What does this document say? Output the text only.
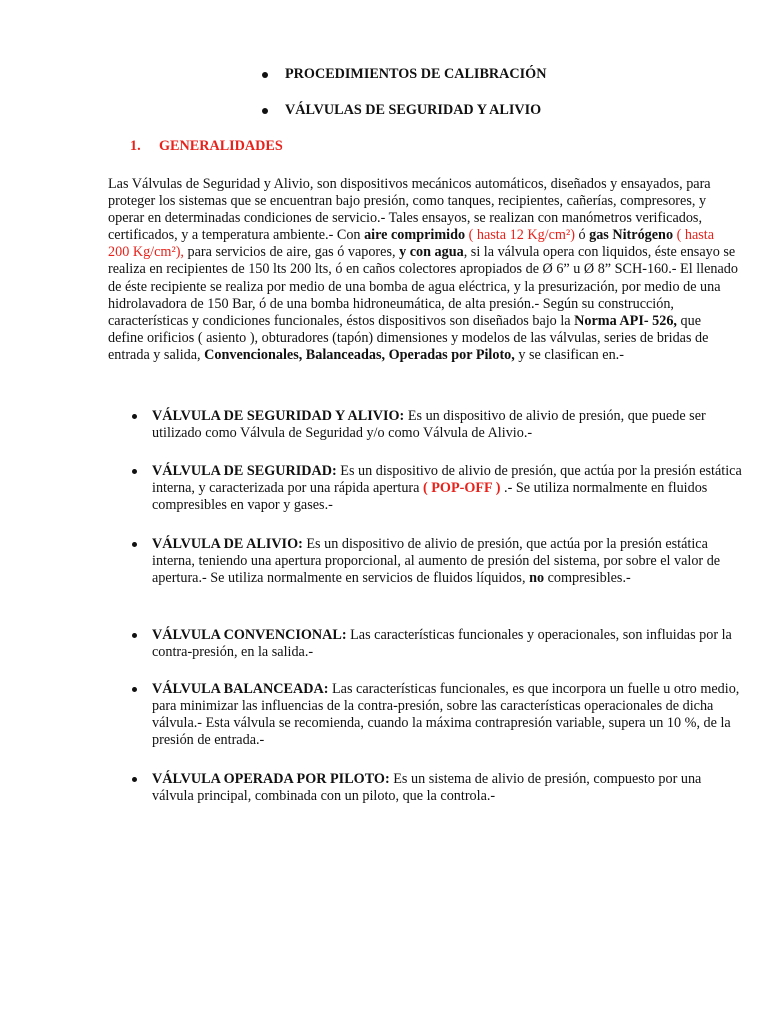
PROCEDIMIENTOS DE CALIBRACIÓN
VÁLVULAS DE SEGURIDAD Y ALIVIO
1. GENERALIDADES

Las Válvulas de Seguridad y Alivio, son dispositivos mecánicos automáticos, diseñados y ensayados, para proteger los sistemas que se encuentran bajo presión, como tanques, recipientes, cañerías, compresores, y operar en determinadas condiciones de servicio.- Tales ensayos, se realizan con manómetros verificados, certificados, y a temperatura ambiente.- Con aire comprimido ( hasta 12 Kg/cm²) ó gas Nitrógeno ( hasta 200 Kg/cm²), para servicios de aire, gas ó vapores, y con agua, si la válvula opera con liquidos, éste ensayo se realiza en recipientes de 150 lts 200 lts, ó en caños colectores apropiados de Ø 6” u Ø 8” SCH-160.- El llenado de éste recipiente se realiza por medio de una bomba de agua eléctrica, y la presurización, por medio de una hidrolavadora de 150 Bar, ó de una bomba hidroneumática, de alta presión.- Según su construcción, características y condiciones funcionales, éstos dispositivos son diseñados bajo la Norma API- 526, que define orificios ( asiento ), obturadores (tapón) dimensiones y modelos de las válvulas, series de bridas de entrada y salida, Convencionales, Balanceadas, Operadas por Piloto, y se clasifican en.-

VÁLVULA DE SEGURIDAD Y ALIVIO: Es un dispositivo de alivio de presión, que puede ser utilizado como Válvula de Seguridad y/o como Válvula de Alivio.-
VÁLVULA DE SEGURIDAD: Es un dispositivo de alivio de presión, que actúa por la presión estática interna, y caracterizada por una rápida apertura ( POP-OFF ) .- Se utiliza normalmente en fluidos compresibles en vapor y gases.-
VÁLVULA DE ALIVIO: Es un dispositivo de alivio de presión, que actúa por la presión estática interna, teniendo una apertura proporcional, al aumento de presión del sistema, por sobre el valor de apertura.- Se utiliza normalmente en servicios de fluidos líquidos, no compresibles.-
VÁLVULA CONVENCIONAL: Las características funcionales y operacionales, son influidas por la contra-presión, en la salida.-
VÁLVULA BALANCEADA: Las características funcionales, es que incorpora un fuelle u otro medio, para minimizar las influencias de la contra-presión, sobre las características operacionales de dicha válvula.- Esta válvula se recomienda, cuando la máxima contrapresión variable, supera un 10 %, de la presión de entrada.-
VÁLVULA OPERADA POR PILOTO: Es un sistema de alivio de presión, compuesto por una válvula principal, combinada con un piloto, que la controla.-
